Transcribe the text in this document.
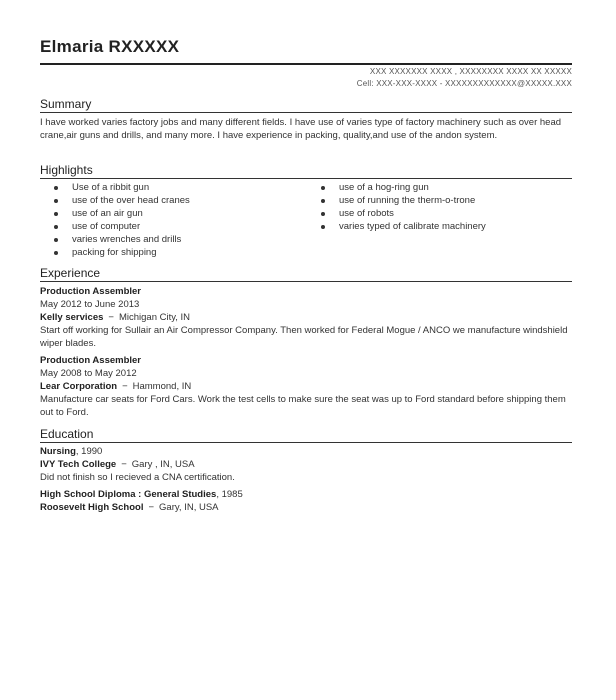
Elmaria RXXXXX
XXX XXXXXXX XXXX , XXXXXXXX XXXX XX XXXXX
Cell: XXX-XXX-XXXX - XXXXXXXXXXXXX@XXXXX.XXX
Summary
I have worked varies factory jobs and many different fields. I have use of varies type of factory machinery such as over head crane,air guns and drills, and many more. I have experience in packing, quality,and use of the andon system.
Highlights
Use of a ribbit gun
use of the over head cranes
use of an air gun
use of computer
varies wrenches and drills
packing for shipping
use of a hog-ring gun
use of running the therm-o-trone
use of robots
varies typed of calibrate machinery
Experience
Production Assembler
May 2012 to June 2013
Kelly services − Michigan City, IN
Start off working for Sullair an Air Compressor Company. Then worked for Federal Mogue / ANCO we manufacture windshield wiper blades.
Production Assembler
May 2008 to May 2012
Lear Corporation − Hammond, IN
Manufacture car seats for Ford Cars. Work the test cells to make sure the seat was up to Ford standard before shipping them out to Ford.
Education
Nursing, 1990
IVY Tech College − Gary , IN, USA
Did not finish so I recieved a CNA certification.
High School Diploma : General Studies, 1985
Roosevelt High School − Gary, IN, USA
